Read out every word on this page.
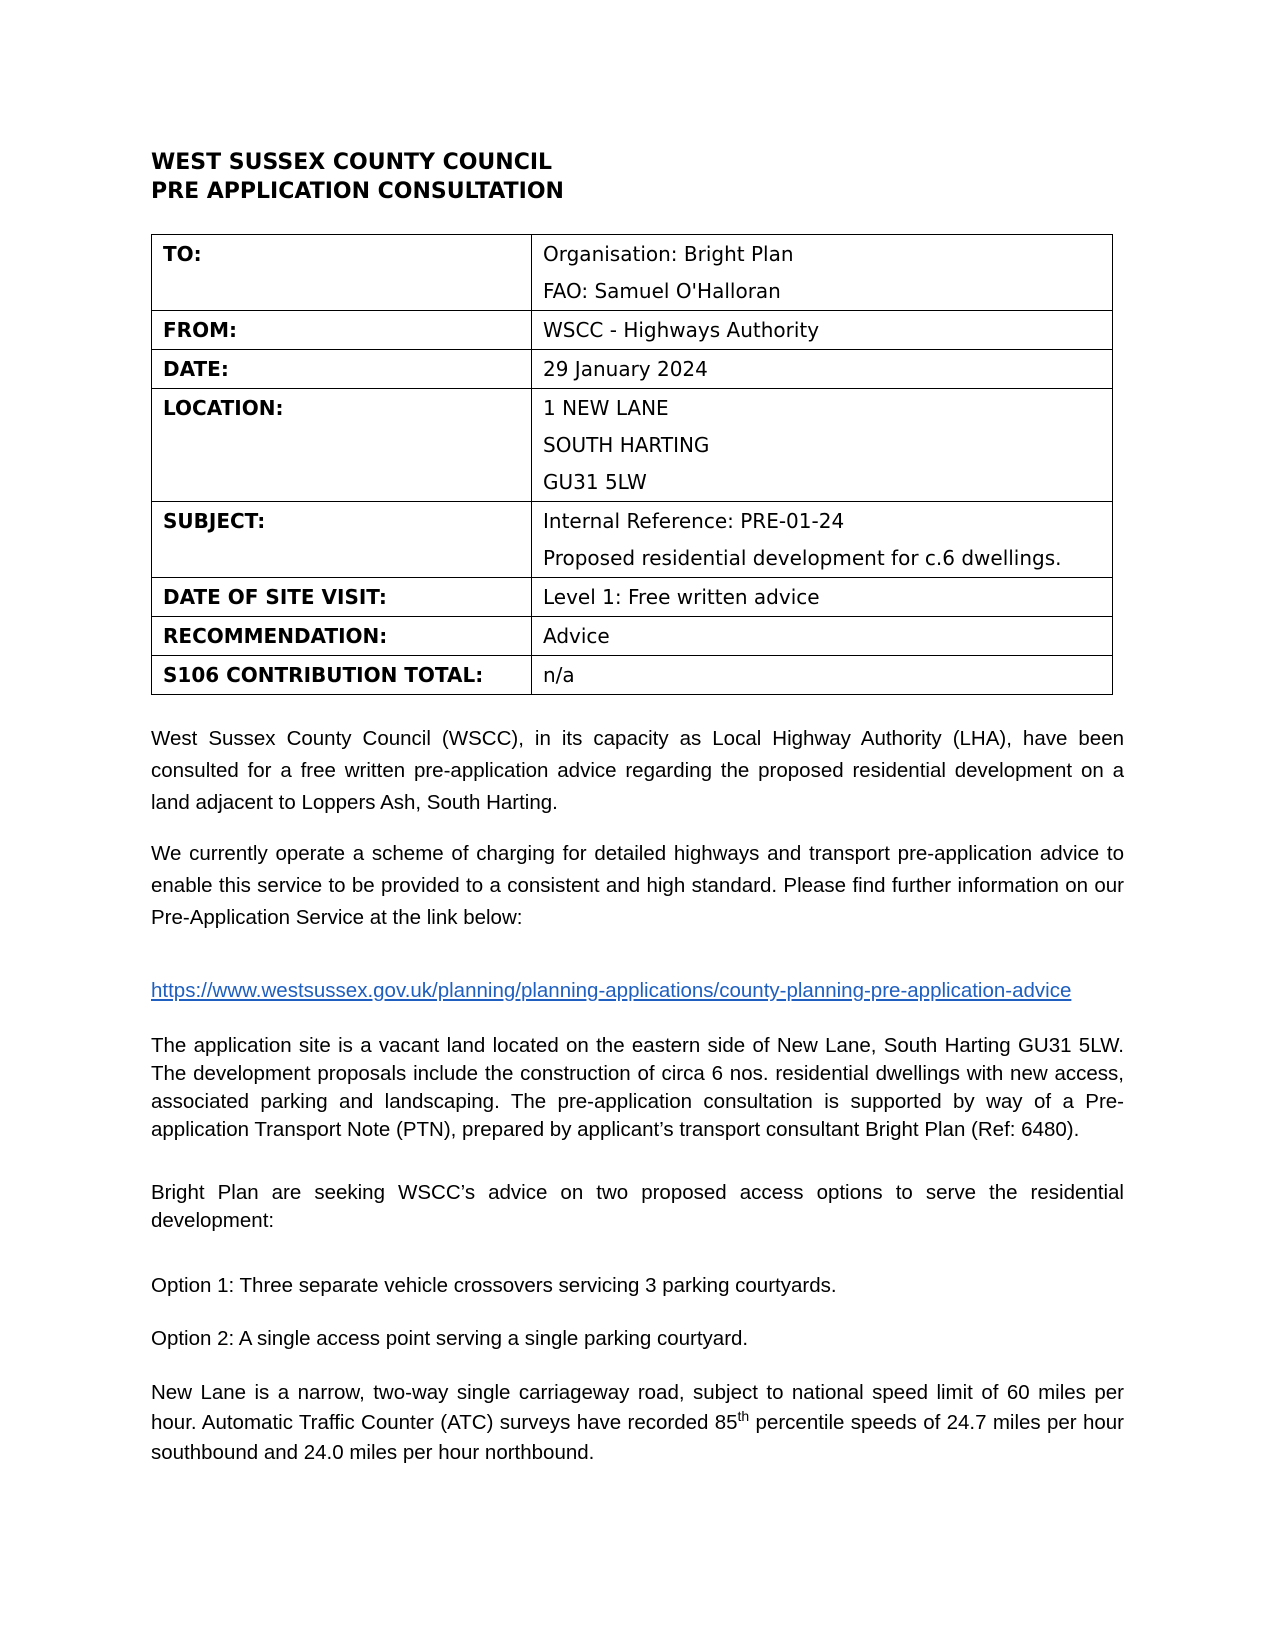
WEST SUSSEX COUNTY COUNCIL
PRE APPLICATION CONSULTATION
TO:	Organisation: Bright Plan
FAO: Samuel O'Halloran

FROM:	WSCC - Highways Authority
DATE:	29 January 2024
LOCATION:	1 NEW LANE
SOUTH HARTING
GU31 5LW

SUBJECT:	Internal Reference: PRE-01-24
Proposed residential development for c.6 dwellings.

DATE OF SITE VISIT:	Level 1: Free written advice
RECOMMENDATION:	Advice
S106 CONTRIBUTION TOTAL:	n/a

West Sussex County Council (WSCC), in its capacity as Local Highway Authority (LHA), have been consulted for a free written pre-application advice regarding the proposed residential development on a land adjacent to Loppers Ash, South Harting.

We currently operate a scheme of charging for detailed highways and transport pre-application advice to enable this service to be provided to a consistent and high standard. Please find further information on our Pre-Application Service at the link below:

https://www.westsussex.gov.uk/planning/planning-applications/county-planning-pre-application-advice

The application site is a vacant land located on the eastern side of New Lane, South Harting GU31 5LW. The development proposals include the construction of circa 6 nos. residential dwellings with new access, associated parking and landscaping. The pre-application consultation is supported by way of a Pre-application Transport Note (PTN), prepared by applicant’s transport consultant Bright Plan (Ref: 6480).

Bright Plan are seeking WSCC’s advice on two proposed access options to serve the residential development:

Option 1: Three separate vehicle crossovers servicing 3 parking courtyards.

Option 2: A single access point serving a single parking courtyard.

New Lane is a narrow, two-way single carriageway road, subject to national speed limit of 60 miles per hour. Automatic Traffic Counter (ATC) surveys have recorded 85th percentile speeds of 24.7 miles per hour southbound and 24.0 miles per hour northbound.
